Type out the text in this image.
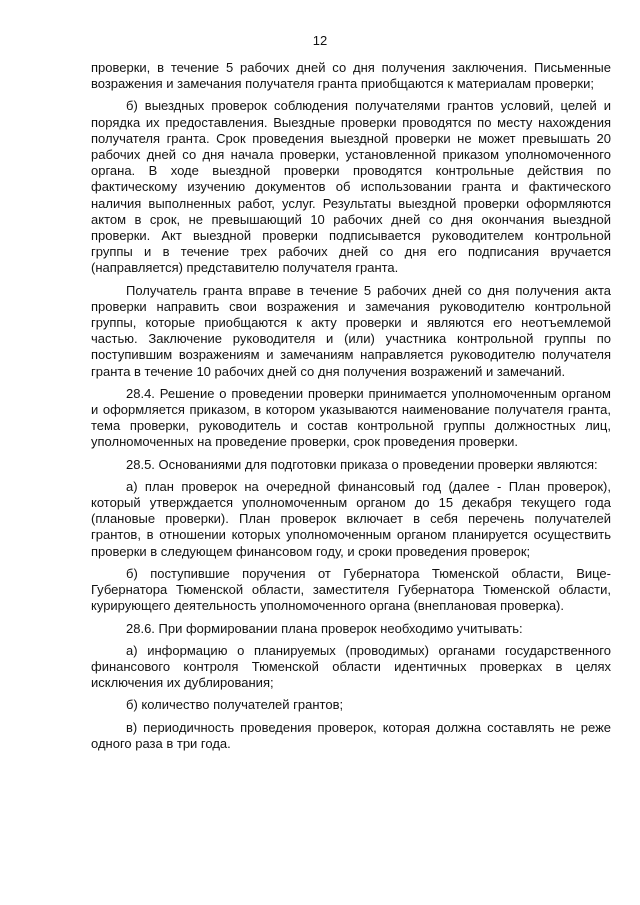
12

проверки, в течение 5 рабочих дней со дня получения заключения. Письменные возражения и замечания получателя гранта приобщаются к материалам проверки;

б) выездных проверок соблюдения получателями грантов условий, целей и порядка их предоставления. Выездные проверки проводятся по месту нахождения получателя гранта. Срок проведения выездной проверки не может превышать 20 рабочих дней со дня начала проверки, установленной приказом уполномоченного органа. В ходе выездной проверки проводятся контрольные действия по фактическому изучению документов об использовании гранта и фактического наличия выполненных работ, услуг. Результаты выездной проверки оформляются актом в срок, не превышающий 10 рабочих дней со дня окончания выездной проверки. Акт выездной проверки подписывается руководителем контрольной группы и в течение трех рабочих дней со дня его подписания вручается (направляется) представителю получателя гранта.

Получатель гранта вправе в течение 5 рабочих дней со дня получения акта проверки направить свои возражения и замечания руководителю контрольной группы, которые приобщаются к акту проверки и являются его неотъемлемой частью. Заключение руководителя и (или) участника контрольной группы по поступившим возражениям и замечаниям направляется руководителю получателя гранта в течение 10 рабочих дней со дня получения возражений и замечаний.

28.4. Решение о проведении проверки принимается уполномоченным органом и оформляется приказом, в котором указываются наименование получателя гранта, тема проверки, руководитель и состав контрольной группы должностных лиц, уполномоченных на проведение проверки, срок проведения проверки.

28.5. Основаниями для подготовки приказа о проведении проверки являются:

а) план проверок на очередной финансовый год (далее - План проверок), который утверждается уполномоченным органом до 15 декабря текущего года (плановые проверки). План проверок включает в себя перечень получателей грантов, в отношении которых уполномоченным органом планируется осуществить проверки в следующем финансовом году, и сроки проведения проверок;

б) поступившие поручения от Губернатора Тюменской области, Вице-Губернатора Тюменской области, заместителя Губернатора Тюменской области, курирующего деятельность уполномоченного органа (внеплановая проверка).

28.6. При формировании плана проверок необходимо учитывать:

а) информацию о планируемых (проводимых) органами государственного финансового контроля Тюменской области идентичных проверках в целях исключения их дублирования;

б) количество получателей грантов;

в) периодичность проведения проверок, которая должна составлять не реже одного раза в три года.
